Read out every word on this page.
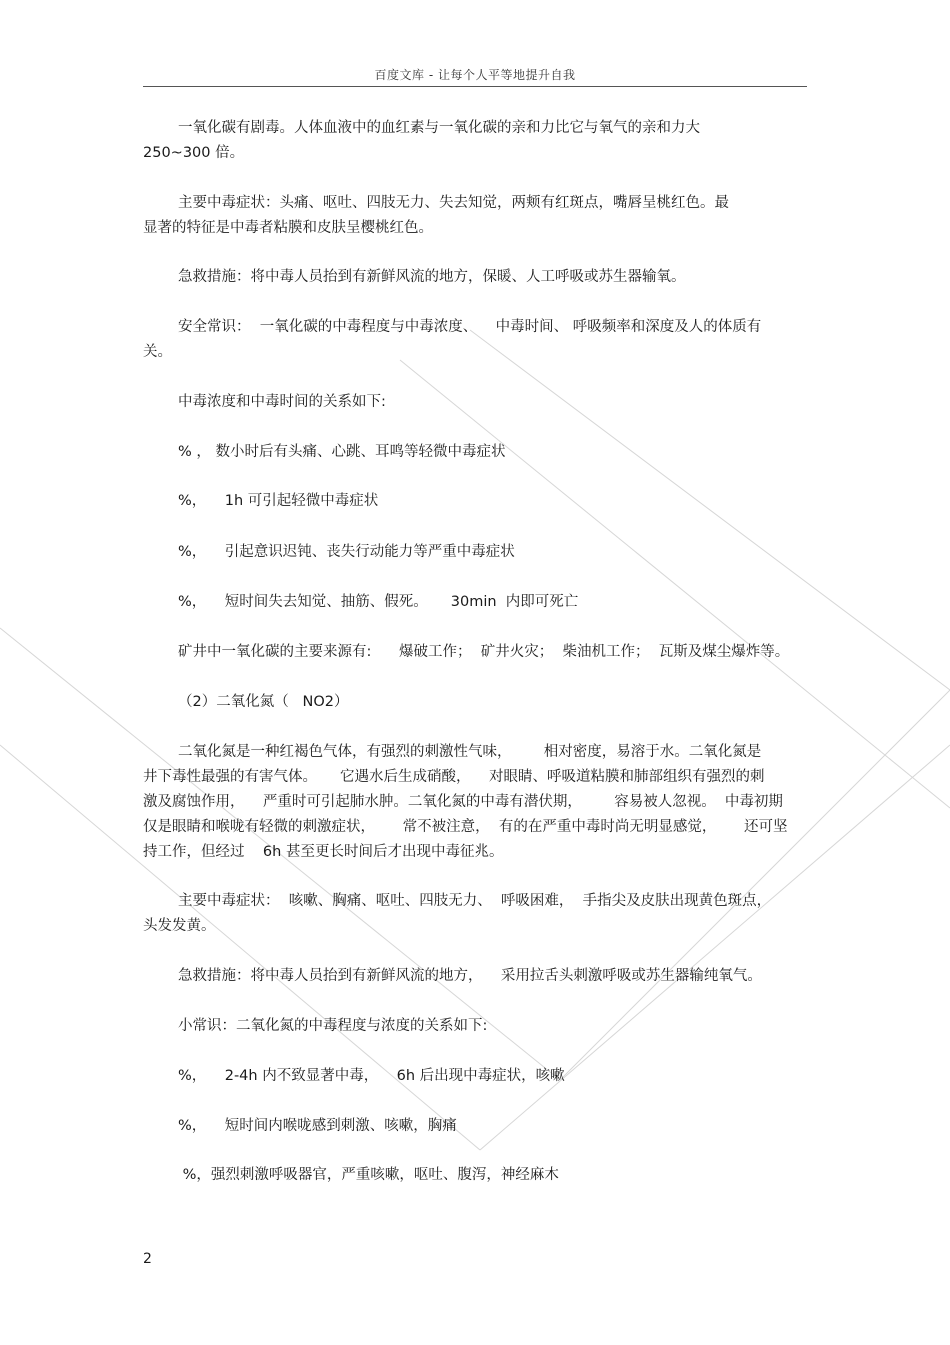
百度文库 - 让每个人平等地提升自我
一氧化碳有剧毒。人体血液中的血红素与一氧化碳的亲和力比它与氧气的亲和力大
250~300 倍。
主要中毒症状：头痛、呕吐、四肢无力、失去知觉，两颊有红斑点，嘴唇呈桃红色。最
显著的特征是中毒者粘膜和皮肤呈樱桃红色。
急救措施：将中毒人员抬到有新鲜风流的地方，保暖、人工呼吸或苏生器输氧。
安全常识：  一氧化碳的中毒程度与中毒浓度、    中毒时间、 呼吸频率和深度及人的体质有
关。
中毒浓度和中毒时间的关系如下:
% ， 数小时后有头痛、心跳、耳鸣等轻微中毒症状
%，    1h 可引起轻微中毒症状
%，    引起意识迟钝、丧失行动能力等严重中毒症状
%，    短时间失去知觉、抽筋、假死。     30min  内即可死亡
矿井中一氧化碳的主要来源有:      爆破工作；  矿井火灾；  柴油机工作；  瓦斯及煤尘爆炸等。
（2）二氧化氮（   NO2）
二氧化氮是一种红褐色气体，有强烈的刺激性气味，       相对密度，易溶于水。二氧化氮是
井下毒性最强的有害气体。     它遇水后生成硝酸，    对眼睛、呼吸道粘膜和肺部组织有强烈的刺
激及腐蚀作用，    严重时可引起肺水肿。二氧化氮的中毒有潜伏期，       容易被人忽视。  中毒初期
仅是眼睛和喉咙有轻微的刺激症状，      常不被注意，  有的在严重中毒时尚无明显感觉，      还可坚
持工作，但经过    6h 甚至更长时间后才出现中毒征兆。
主要中毒症状：  咳嗽、胸痛、呕吐、四肢无力、  呼吸困难，  手指尖及皮肤出现黄色斑点，
头发发黄。
急救措施：将中毒人员抬到有新鲜风流的地方，    采用拉舌头刺激呼吸或苏生器输纯氧气。
小常识：二氧化氮的中毒程度与浓度的关系如下:
%，    2-4h 内不致显著中毒，    6h 后出现中毒症状，咳嗽
%，    短时间内喉咙感到刺激、咳嗽，胸痛
%，强烈刺激呼吸器官，严重咳嗽，呕吐、腹泻，神经麻木
2
